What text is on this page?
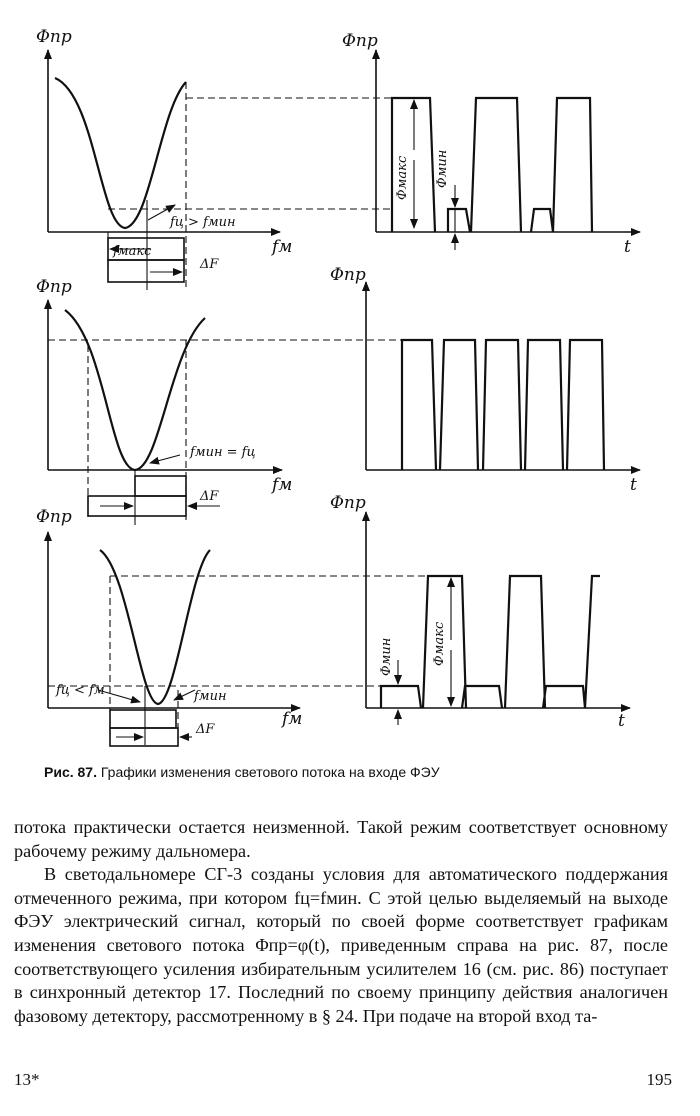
Φпр
fм
fц > fмин
fмакс
ΔF
Φпр
t
Φмакс Φмин
Φпр
fм
fмин = fц
ΔF
Φпр
t
Φпр
fм
fц < fм	fмин
ΔF
Φпр
t
Φмин	Φмакс
Рис. 87. Графики изменения светового потока на входе ФЭУ

потока практически остается неизменной. Такой режим соответствует основному рабочему режиму дальномера.

В светодальномере СГ-3 созданы условия для автоматического поддержания отмеченного режима, при котором fц=fмин. С этой целью выделяемый на выходе ФЭУ электрический сигнал, который по своей форме соответствует графикам изменения светового потока Φпр=φ(t), приведенным справа на рис. 87, после соответствующего усиления избирательным усилителем 16 (см. рис. 86) поступает в синхронный детектор 17. Последний по своему принципу действия аналогичен фазовому детектору, рассмотренному в § 24. При подаче на второй вход та-

13*	195
